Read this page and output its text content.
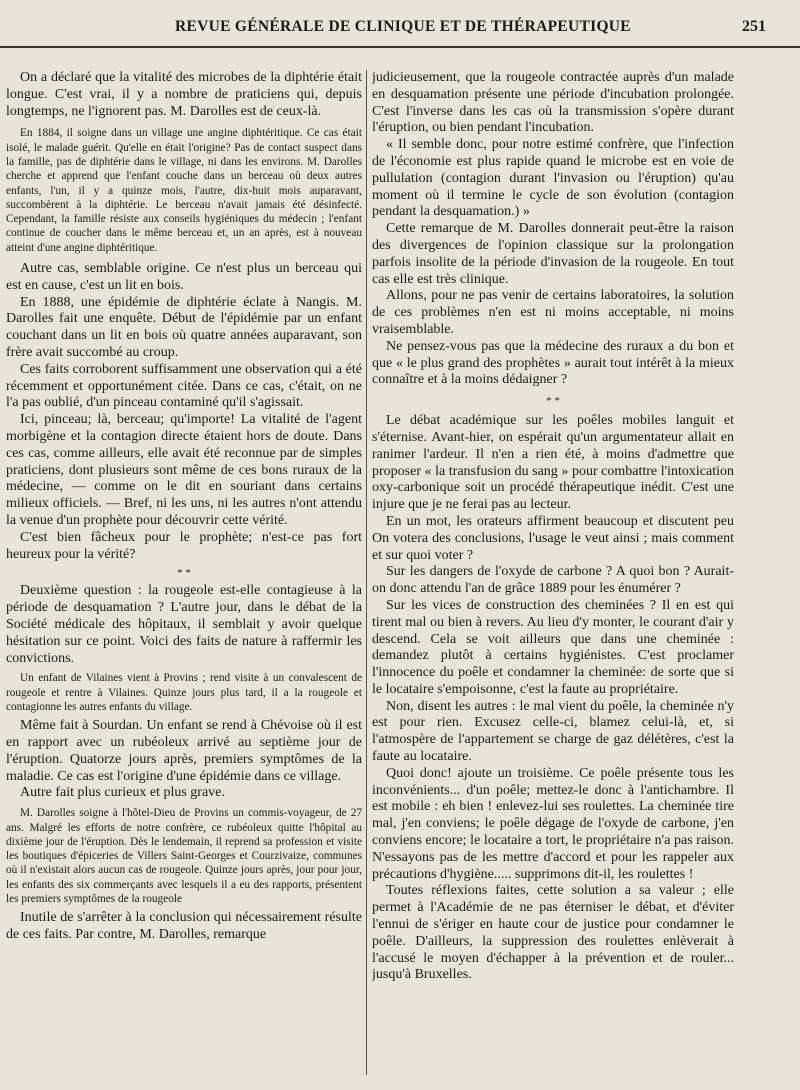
REVUE GÉNÉRALE DE CLINIQUE ET DE THÉRAPEUTIQUE	251

On a déclaré que la vitalité des microbes de la diphtérie était longue. C'est vrai, il y a nombre de praticiens qui, depuis longtemps, ne l'ignorent pas. M. Darolles est de ceux-là.

En 1884, il soigne dans un village une angine diphtéritique. Ce cas était isolé, le malade guérit. Qu'elle en était l'origine? Pas de contact suspect dans la famille, pas de diphtérie dans le village, ni dans les environs. M. Darolles cherche et apprend que l'enfant couche dans un berceau où deux autres enfants, l'un, il y a quinze mois, l'autre, dix-huit mois auparavant, succombèrent à la diphtérie. Le berceau n'avait jamais été désinfecté. Cependant, la famille résiste aux conseils hygiéniques du médecin ; l'enfant continue de coucher dans le même berceau et, un an après, est à nouveau atteint d'une angine diphtéritique.

Autre cas, semblable origine. Ce n'est plus un berceau qui est en cause, c'est un lit en bois.

En 1888, une épidémie de diphtérie éclate à Nangis. M. Darolles fait une enquête. Début de l'épidémie par un enfant couchant dans un lit en bois où quatre années auparavant, son frère avait succombé au croup.

Ces faits corroborent suffisamment une observation qui a été récemment et opportunément citée. Dans ce cas, c'était, on ne l'a pas oublié, d'un pinceau contaminé qu'il s'agissait.

Ici, pinceau; là, berceau; qu'importe! La vitalité de l'agent morbigène et la contagion directe étaient hors de doute. Dans ces cas, comme ailleurs, elle avait été reconnue par de simples praticiens, dont plusieurs sont même de ces bons ruraux de la médecine, — comme on le dit en souriant dans certains milieux officiels. — Bref, ni les uns, ni les autres n'ont attendu la venue d'un prophète pour découvrir cette vérité.

C'est bien fâcheux pour le prophète; n'est-ce pas fort heureux pour la vérité?

* *

Deuxième question : la rougeole est-elle contagieuse à la période de desquamation ? L'autre jour, dans le débat de la Société médicale des hôpitaux, il semblait y avoir quelque hésitation sur ce point. Voici des faits de nature à raffermir les convictions.

Un enfant de Vilaines vient à Provins ; rend visite à un convalescent de rougeole et rentre à Vilaines. Quinze jours plus tard, il a la rougeole et contagionne les autres enfants du village.

Même fait à Sourdan. Un enfant se rend à Chévoise où il est en rapport avec un rubéoleux arrivé au septième jour de l'éruption. Quatorze jours après, premiers symptômes de la maladie. Ce cas est l'origine d'une épidémie dans ce village.

Autre fait plus curieux et plus grave.

M. Darolles soigne à l'hôtel-Dieu de Provins un commis-voyageur, de 27 ans. Malgré les efforts de notre confrère, ce rubéoleux quitte l'hôpital au dixième jour de l'éruption. Dès le lendemain, il reprend sa profession et visite les boutiques d'épiceries de Villers Saint-Georges et Courzivaize, communes où il n'existait alors aucun cas de rougeole. Quinze jours après, jour pour jour, les enfants des six commerçants avec lesquels il a eu des rapports, présentent les premiers symptômes de la rougeole

Inutile de s'arrêter à la conclusion qui nécessairement résulte de ces faits. Par contre, M. Darolles, remarque

judicieusement, que la rougeole contractée auprès d'un malade en desquamation présente une période d'incubation prolongée. C'est l'inverse dans les cas où la transmission s'opère durant l'éruption, ou bien pendant l'incubation.

« Il semble donc, pour notre estimé confrère, que l'infection de l'économie est plus rapide quand le microbe est en voie de pullulation (contagion durant l'invasion ou l'éruption) qu'au moment où il termine le cycle de son évolution (contagion pendant la desquamation.) »

Cette remarque de M. Darolles donnerait peut-être la raison des divergences de l'opinion classique sur la prolongation parfois insolite de la période d'invasion de la rougeole. En tout cas elle est très clinique.

Allons, pour ne pas venir de certains laboratoires, la solution de ces problèmes n'en est ni moins acceptable, ni moins vraisemblable.

Ne pensez-vous pas que la médecine des ruraux a du bon et que « le plus grand des prophètes » aurait tout intérêt à la mieux connaître et à la moins dédaigner ?

* *

Le débat académique sur les poêles mobiles languit et s'éternise. Avant-hier, on espérait qu'un argumentateur allait en ranimer l'ardeur. Il n'en a rien été, à moins d'admettre que proposer « la transfusion du sang » pour combattre l'intoxication oxy-carbonique soit un procédé thérapeutique inédit. C'est une injure que je ne ferai pas au lecteur.

En un mot, les orateurs affirment beaucoup et discutent peu On votera des conclusions, l'usage le veut ainsi ; mais comment et sur quoi voter ?

Sur les dangers de l'oxyde de carbone ? A quoi bon ? Aurait-on donc attendu l'an de grâce 1889 pour les énumérer ?

Sur les vices de construction des cheminées ? Il en est qui tirent mal ou bien à revers. Au lieu d'y monter, le courant d'air y descend. Cela se voit ailleurs que dans une cheminée : demandez plutôt à certains hygiénistes. C'est proclamer l'innocence du poêle et condamner la cheminée: de sorte que si le locataire s'empoisonne, c'est la faute au propriétaire.

Non, disent les autres : le mal vient du poêle, la cheminée n'y est pour rien. Excusez celle-ci, blamez celui-là, et, si l'atmospère de l'appartement se charge de gaz délétères, c'est la faute au locataire.

Quoi donc! ajoute un troisième. Ce poêle présente tous les inconvénients... d'un poêle; mettez-le donc à l'antichambre. Il est mobile : eh bien ! enlevez-lui ses roulettes. La cheminée tire mal, j'en conviens; le poêle dégage de l'oxyde de carbone, j'en conviens encore; le locataire a tort, le propriétaire n'a pas raison. N'essayons pas de les mettre d'accord et pour les rappeler aux précautions d'hygiène..... supprimons dit-il, les roulettes !

Toutes réflexions faites, cette solution a sa valeur ; elle permet à l'Académie de ne pas éterniser le débat, et d'éviter l'ennui de s'ériger en haute cour de justice pour condamner le poêle. D'ailleurs, la suppression des roulettes enlèverait à l'accusé le moyen d'échapper à la prévention et de rouler... jusqu'à Bruxelles.
